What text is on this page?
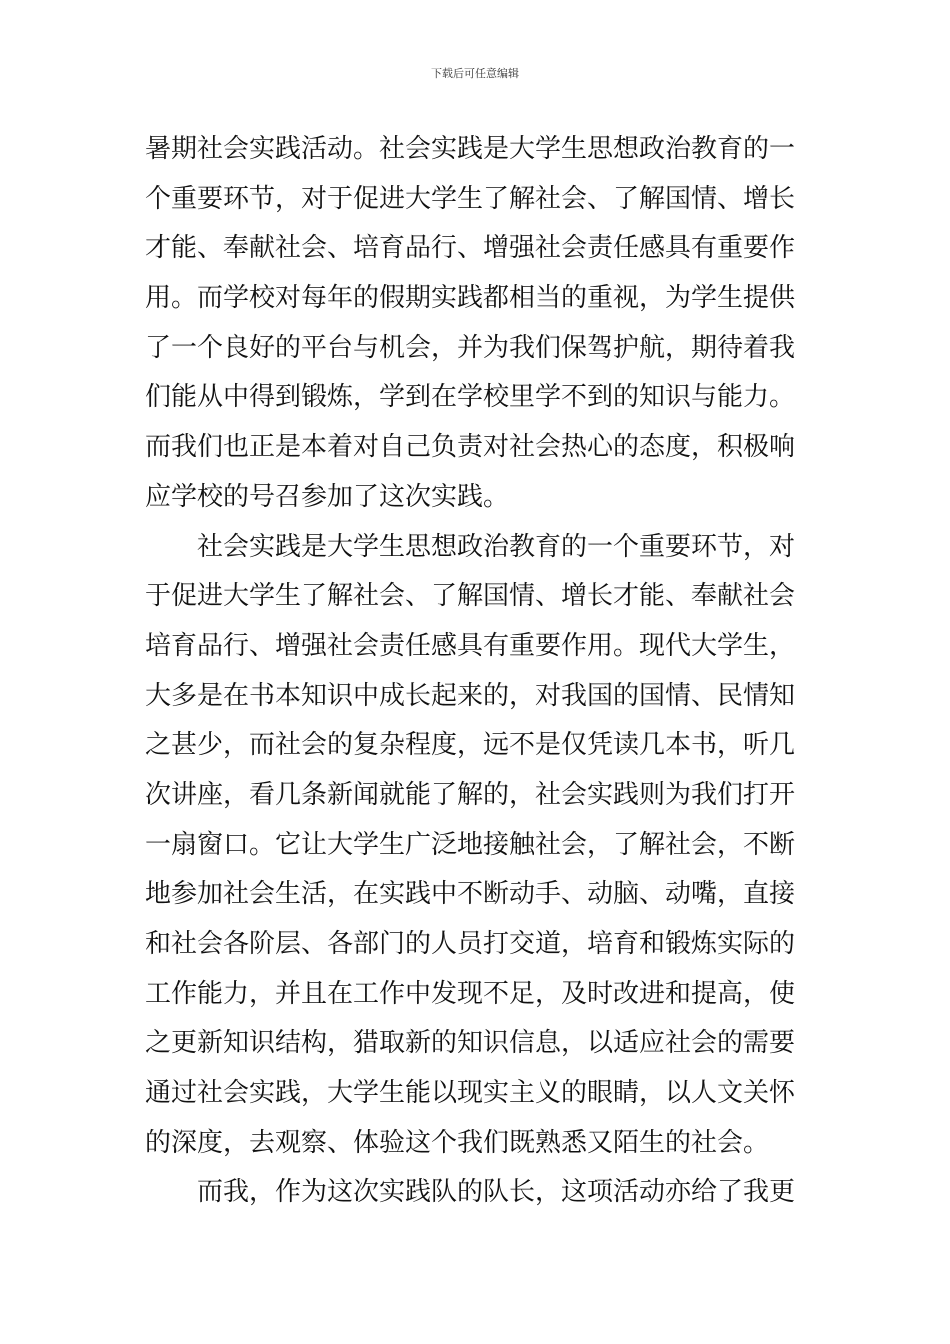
下载后可任意编辑
暑期社会实践活动。社会实践是大学生思想政治教育的一
个重要环节，对于促进大学生了解社会、了解国情、增长
才能、奉献社会、培育品行、增强社会责任感具有重要作
用。而学校对每年的假期实践都相当的重视，为学生提供
了一个良好的平台与机会，并为我们保驾护航，期待着我
们能从中得到锻炼，学到在学校里学不到的知识与能力。
而我们也正是本着对自己负责对社会热心的态度，积极响
应学校的号召参加了这次实践。
　　社会实践是大学生思想政治教育的一个重要环节，对
于促进大学生了解社会、了解国情、增长才能、奉献社会
培育品行、增强社会责任感具有重要作用。现代大学生，
大多是在书本知识中成长起来的，对我国的国情、民情知
之甚少，而社会的复杂程度，远不是仅凭读几本书，听几
次讲座，看几条新闻就能了解的，社会实践则为我们打开
一扇窗口。它让大学生广泛地接触社会，了解社会，不断
地参加社会生活，在实践中不断动手、动脑、动嘴，直接
和社会各阶层、各部门的人员打交道，培育和锻炼实际的
工作能力，并且在工作中发现不足，及时改进和提高，使
之更新知识结构，猎取新的知识信息，以适应社会的需要
通过社会实践，大学生能以现实主义的眼睛，以人文关怀
的深度，去观察、体验这个我们既熟悉又陌生的社会。
　　而我，作为这次实践队的队长，这项活动亦给了我更
